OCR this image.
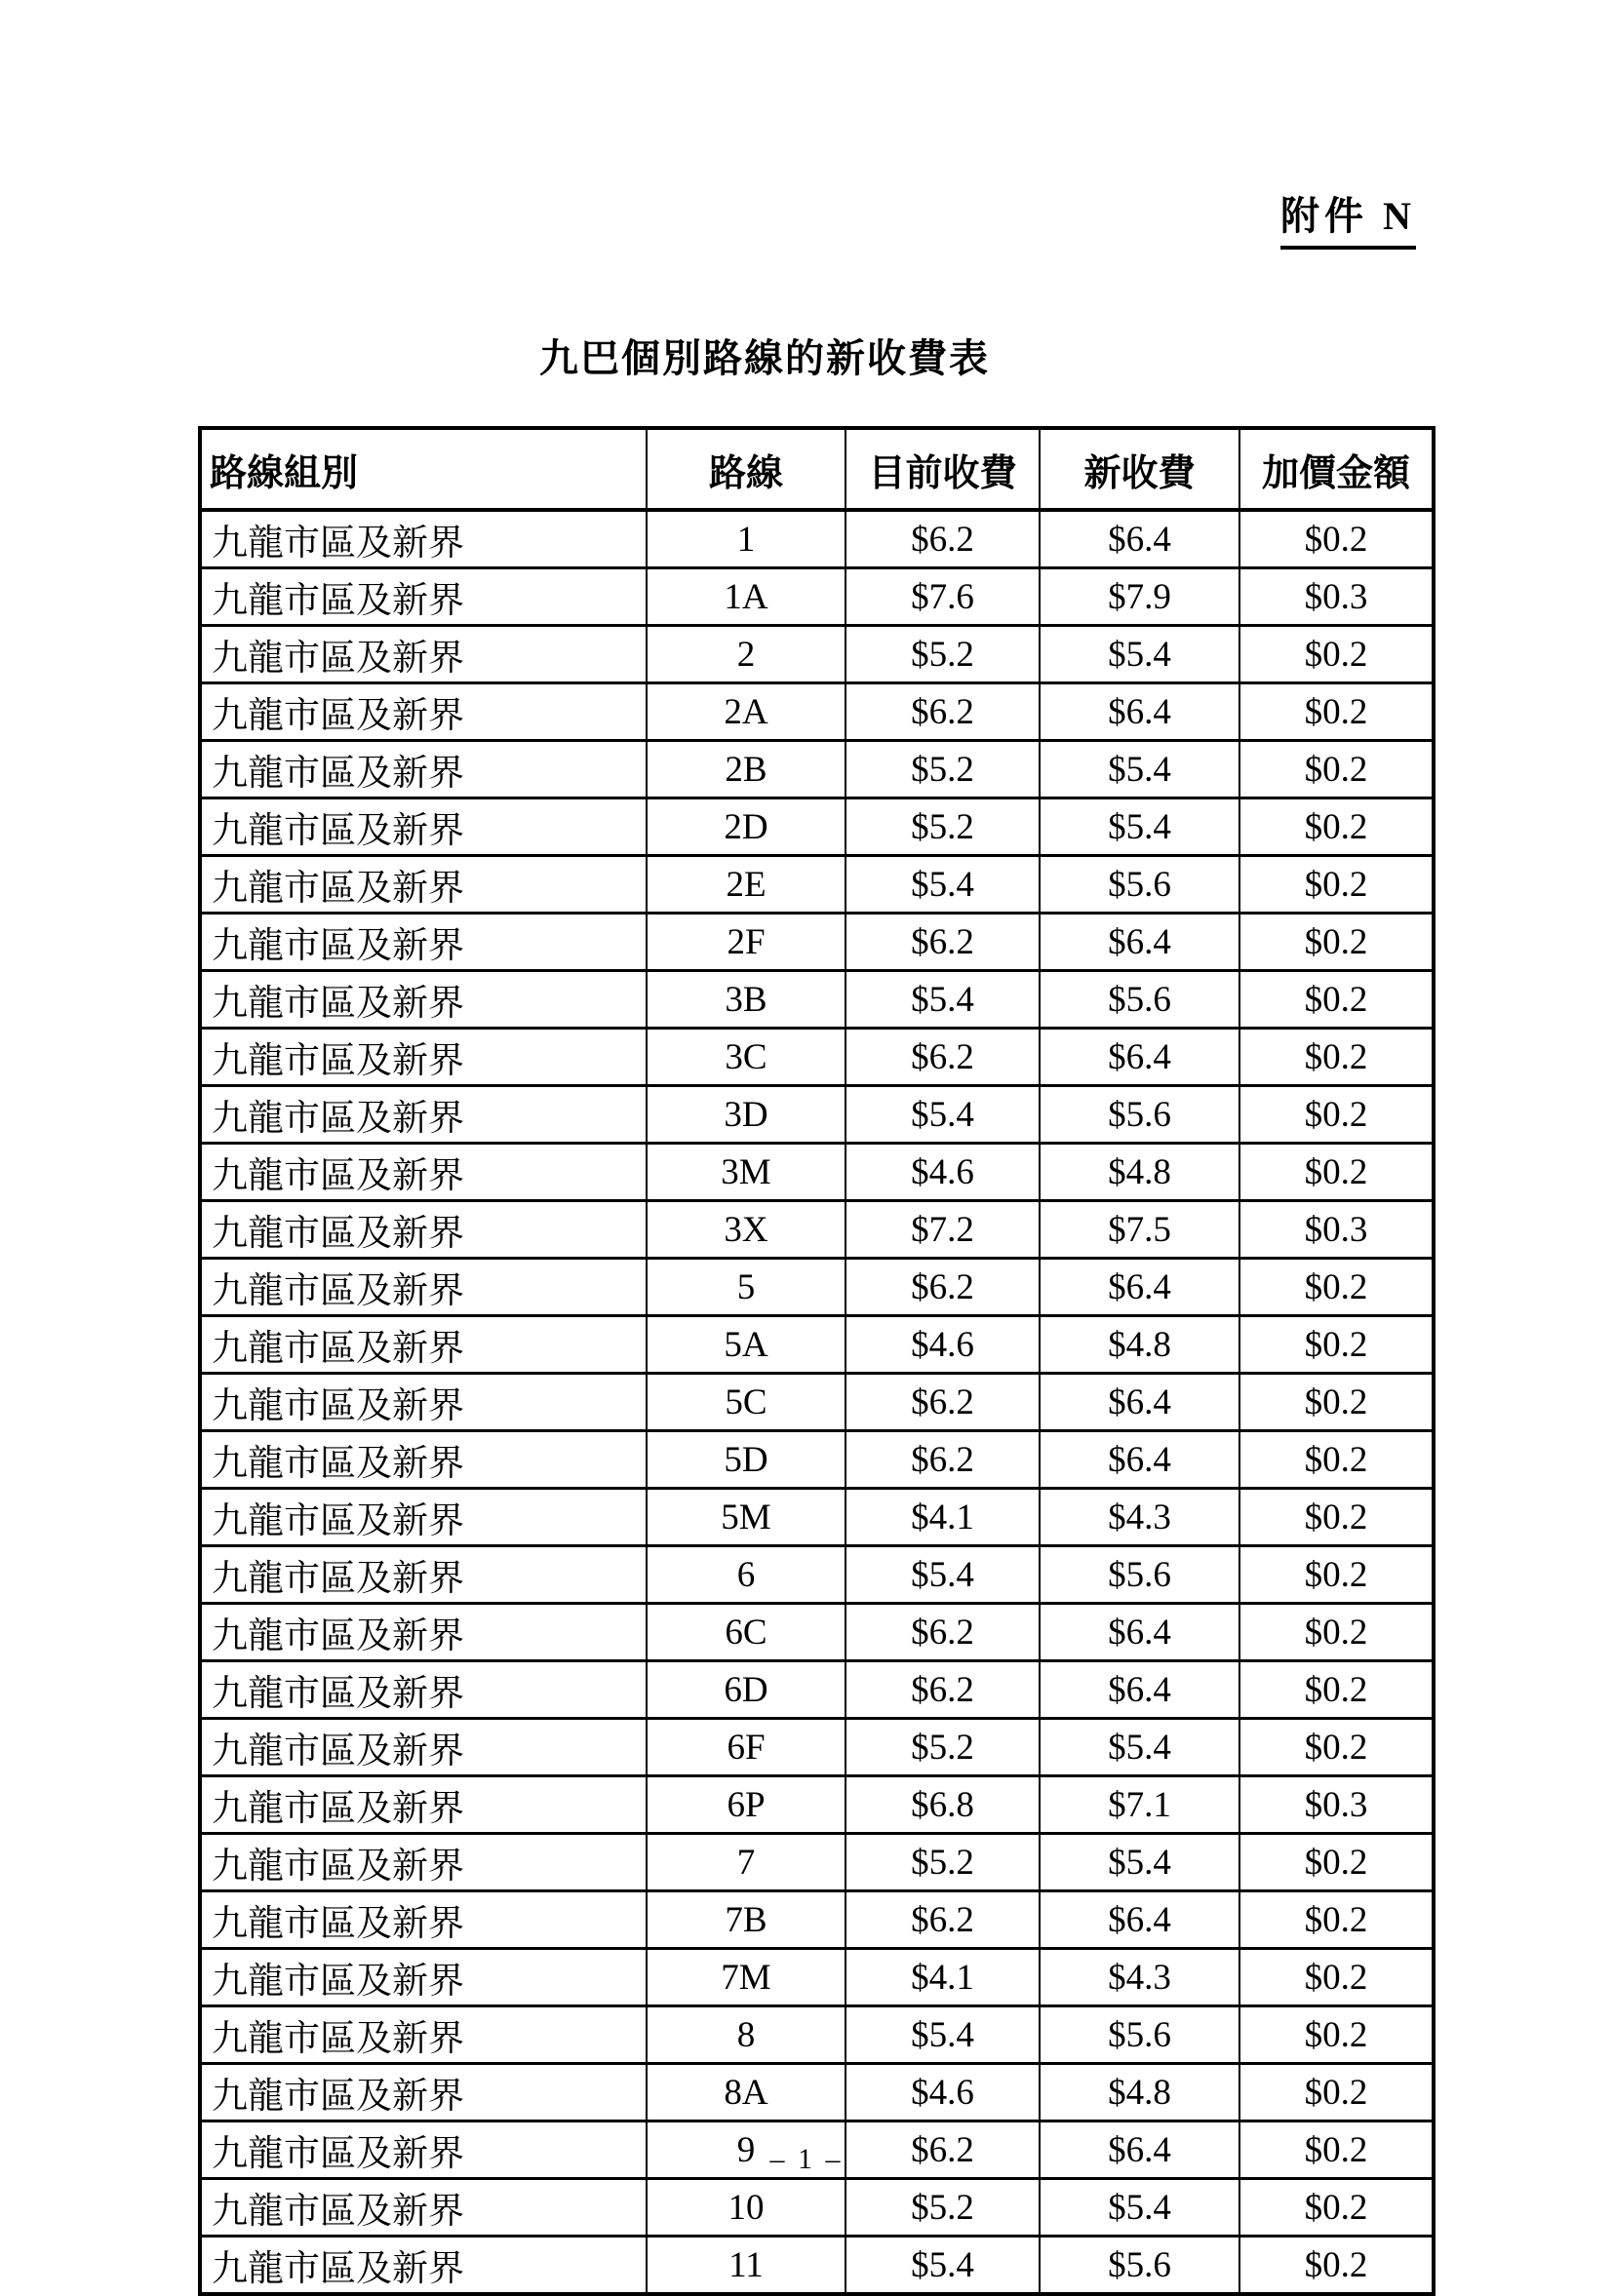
附件 N
九巴個別路線的新收費表
路線組別	路線	目前收費	新收費	加價金額
九龍市區及新界	1	$6.2	$6.4	$0.2
九龍市區及新界	1A	$7.6	$7.9	$0.3
九龍市區及新界	2	$5.2	$5.4	$0.2
九龍市區及新界	2A	$6.2	$6.4	$0.2
九龍市區及新界	2B	$5.2	$5.4	$0.2
九龍市區及新界	2D	$5.2	$5.4	$0.2
九龍市區及新界	2E	$5.4	$5.6	$0.2
九龍市區及新界	2F	$6.2	$6.4	$0.2
九龍市區及新界	3B	$5.4	$5.6	$0.2
九龍市區及新界	3C	$6.2	$6.4	$0.2
九龍市區及新界	3D	$5.4	$5.6	$0.2
九龍市區及新界	3M	$4.6	$4.8	$0.2
九龍市區及新界	3X	$7.2	$7.5	$0.3
九龍市區及新界	5	$6.2	$6.4	$0.2
九龍市區及新界	5A	$4.6	$4.8	$0.2
九龍市區及新界	5C	$6.2	$6.4	$0.2
九龍市區及新界	5D	$6.2	$6.4	$0.2
九龍市區及新界	5M	$4.1	$4.3	$0.2
九龍市區及新界	6	$5.4	$5.6	$0.2
九龍市區及新界	6C	$6.2	$6.4	$0.2
九龍市區及新界	6D	$6.2	$6.4	$0.2
九龍市區及新界	6F	$5.2	$5.4	$0.2
九龍市區及新界	6P	$6.8	$7.1	$0.3
九龍市區及新界	7	$5.2	$5.4	$0.2
九龍市區及新界	7B	$6.2	$6.4	$0.2
九龍市區及新界	7M	$4.1	$4.3	$0.2
九龍市區及新界	8	$5.4	$5.6	$0.2
九龍市區及新界	8A	$4.6	$4.8	$0.2
九龍市區及新界	9	$6.2	$6.4	$0.2
九龍市區及新界	10	$5.2	$5.4	$0.2
九龍市區及新界	11	$5.4	$5.6	$0.2
– 1 –
